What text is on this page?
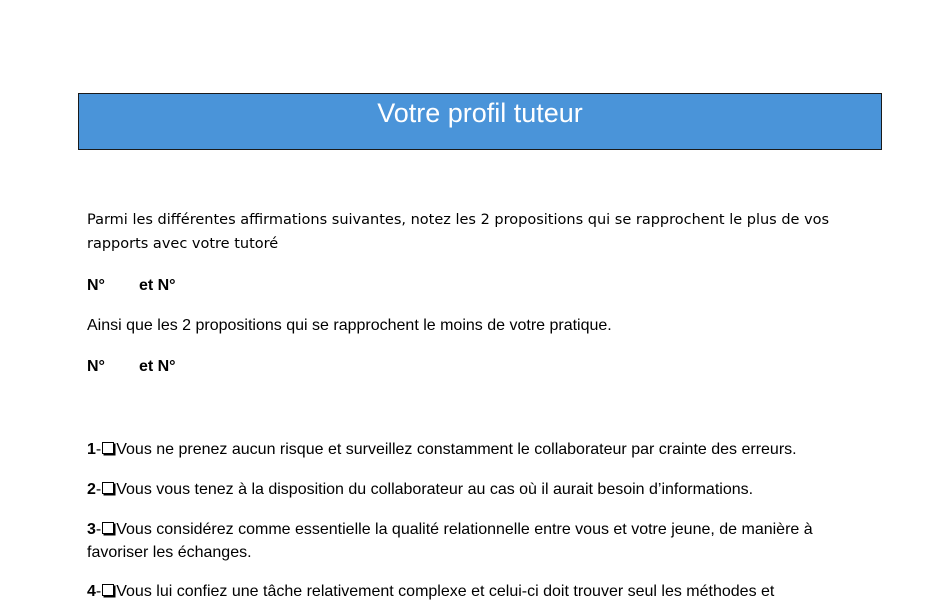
Votre profil tuteur
Parmi les différentes affirmations suivantes, notez les 2 propositions qui se rapprochent le plus de vos rapports avec votre tutoré
N° et N°
Ainsi que les 2 propositions qui se rapprochent le moins de votre pratique.
N° et N°
1- Vous ne prenez aucun risque et surveillez constamment le collaborateur par crainte des erreurs.
2- Vous vous tenez à la disposition du collaborateur au cas où il aurait besoin d’informations.
3- Vous considérez comme essentielle la qualité relationnelle entre vous et votre jeune, de manière à favoriser les échanges.
4- Vous lui confiez une tâche relativement complexe et celui-ci doit trouver seul les méthodes et
